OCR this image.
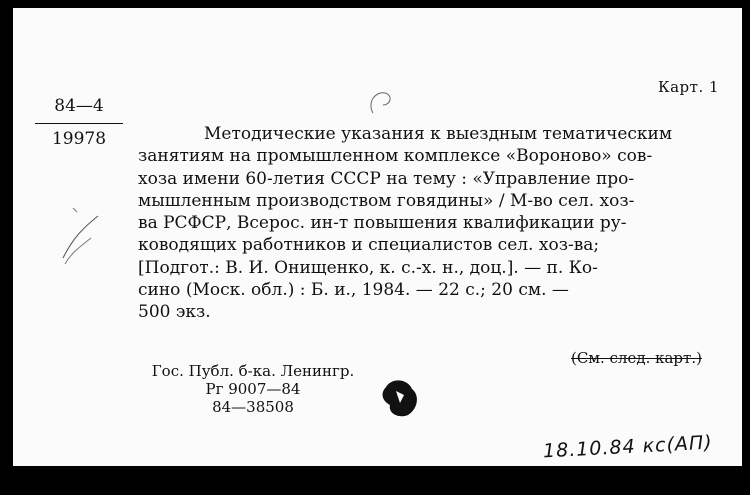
Карт. 1
84—4
19978	Методические указания к выездным тематическим

занятиям на промышленном комплексе «Вороново» сов-

хоза имени 60-летия СССР на тему : «Управление про-

мышленным производством говядины» / М-во сел. хоз-

ва РСФСР, Всерос. ин-т повышения квалификации ру-

ководящих работников и специалистов сел. хоз-ва;

[Подгот.: В. И. Онищенко, к. с.-х. н., доц.]. — п. Ко-

сино (Моск. обл.) : Б. и., 1984. — 22 с.; 20 см. —

500 экз.

(См. след. карт.)
Гос. Публ. б-ка. Ленингр.
Рг 9007—84
84—38508
18.10.84 кс(АП)
